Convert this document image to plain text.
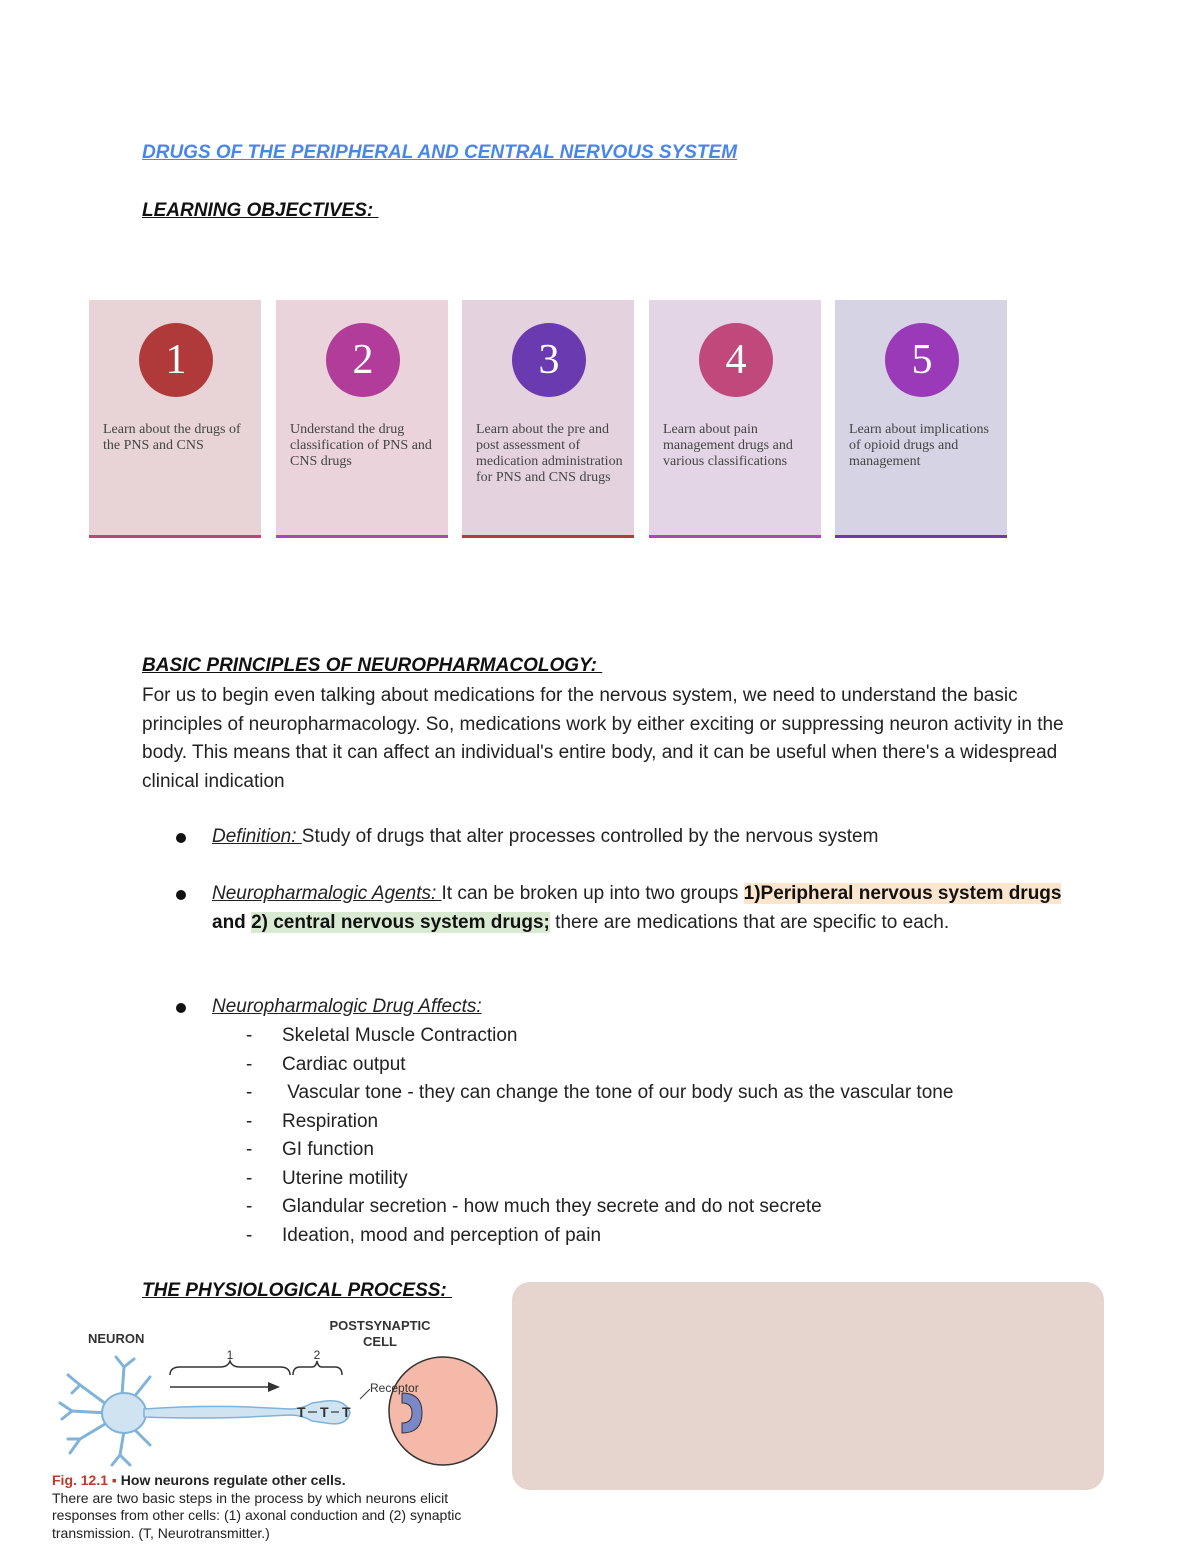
DRUGS OF THE PERIPHERAL AND CENTRAL NERVOUS SYSTEM
LEARNING OBJECTIVES:
1
Learn about the drugs of the PNS and CNS
2
Understand the drug classification of PNS and CNS drugs
3
Learn about the pre and post assessment of medication administration for PNS and CNS drugs
4
Learn about pain management drugs and various classifications
5
Learn about implications of opioid drugs and management
BASIC PRINCIPLES OF NEUROPHARMACOLOGY:

For us to begin even talking about medications for the nervous system, we need to understand the basic principles of neuropharmacology. So, medications work by either exciting or suppressing neuron activity in the body. This means that it can affect an individual's entire body, and it can be useful when there's a widespread clinical indication

Definition: Study of drugs that alter processes controlled by the nervous system

Neuropharmalogic Agents: It can be broken up into two groups 1)Peripheral nervous system drugs and 2) central nervous system drugs; there are medications that are specific to each.

Neuropharmalogic Drug Affects:

- Skeletal Muscle Contraction
- Cardiac output
- Vascular tone - they can change the tone of our body such as the vascular tone
- Respiration
- GI function
- Uterine motility
- Glandular secretion - how much they secrete and do not secrete
- Ideation, mood and perception of pain
THE PHYSIOLOGICAL PROCESS:
NEURON
POSTSYNAPTIC
CELL
1	2
Receptor
T T T

Fig. 12.1 ▪ How neurons regulate other cells.
There are two basic steps in the process by which neurons elicit responses from other cells: (1) axonal conduction and (2) synaptic transmission. (T, Neurotransmitter.)
